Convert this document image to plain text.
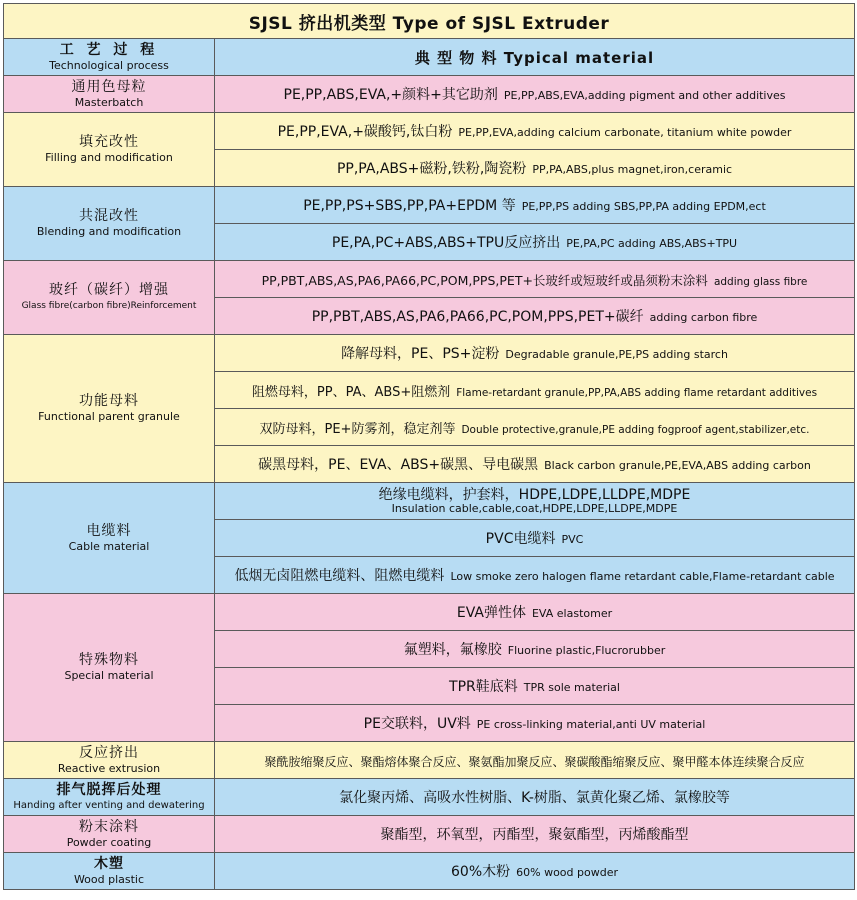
SJSL 挤出机类型 Type of SJSL Extruder	

工 艺 过 程
Technological process	典 型 物 料 Typical material

通用色母粒
Masterbatch	PE,PP,ABS,EVA,+颜料+其它助剂 PE,PP,ABS,EVA,adding pigment and other additives

填充改性
Filling and modification	PE,PP,EVA,+碳酸钙,钛白粉 PE,PP,EVA,adding calcium carbonate, titanium white powder
	PP,PA,ABS+磁粉,铁粉,陶瓷粉 PP,PA,ABS,plus magnet,iron,ceramic

共混改性
Blending and modification	PE,PP,PS+SBS,PP,PA+EPDM 等 PE,PP,PS adding SBS,PP,PA adding EPDM,ect
	PE,PA,PC+ABS,ABS+TPU反应挤出 PE,PA,PC adding ABS,ABS+TPU

玻纤（碳纤）增强
Glass fibre(carbon fibre)Reinforcement	PP,PBT,ABS,AS,PA6,PA66,PC,POM,PPS,PET+长玻纤或短玻纤或晶须粉末涂料 adding glass fibre
	PP,PBT,ABS,AS,PA6,PA66,PC,POM,PPS,PET+碳纤 adding carbon fibre

功能母料
Functional parent granule	降解母料，PE、PS+淀粉 Degradable granule,PE,PS adding starch
	阻燃母料，PP、PA、ABS+阻燃剂 Flame-retardant granule,PP,PA,ABS adding flame retardant additives
	双防母料，PE+防雾剂，稳定剂等 Double protective,granule,PE adding fogproof agent,stabilizer,etc.
	碳黑母料，PE、EVA、ABS+碳黑、导电碳黑 Black carbon granule,PE,EVA,ABS adding carbon

电缆料
Cable material	绝缘电缆料，护套料，HDPE,LDPE,LLDPE,MDPE
Insulation cable,cable,coat,HDPE,LDPE,LLDPE,MDPE

	PVC电缆料 PVC
	低烟无卤阻燃电缆料、阻燃电缆料 Low smoke zero halogen flame retardant cable,Flame-retardant cable

特殊物料
Special material	EVA弹性体 EVA elastomer
	氟塑料，氟橡胶 Fluorine plastic,Flucrorubber
	TPR鞋底料 TPR sole material
	PE交联料，UV料 PE cross-linking material,anti UV material

反应挤出
Reactive extrusion	聚酰胺缩聚反应、聚酯熔体聚合反应、聚氨酯加聚反应、聚碳酸酯缩聚反应、聚甲醛本体连续聚合反应

排气脱挥后处理
Handing after venting and dewatering	氯化聚丙烯、高吸水性树脂、K-树脂、氯黄化聚乙烯、氯橡胶等

粉末涂料
Powder coating	聚酯型，环氧型，丙酯型，聚氨酯型，丙烯酸酯型

木塑
Wood plastic	60%木粉 60% wood powder
